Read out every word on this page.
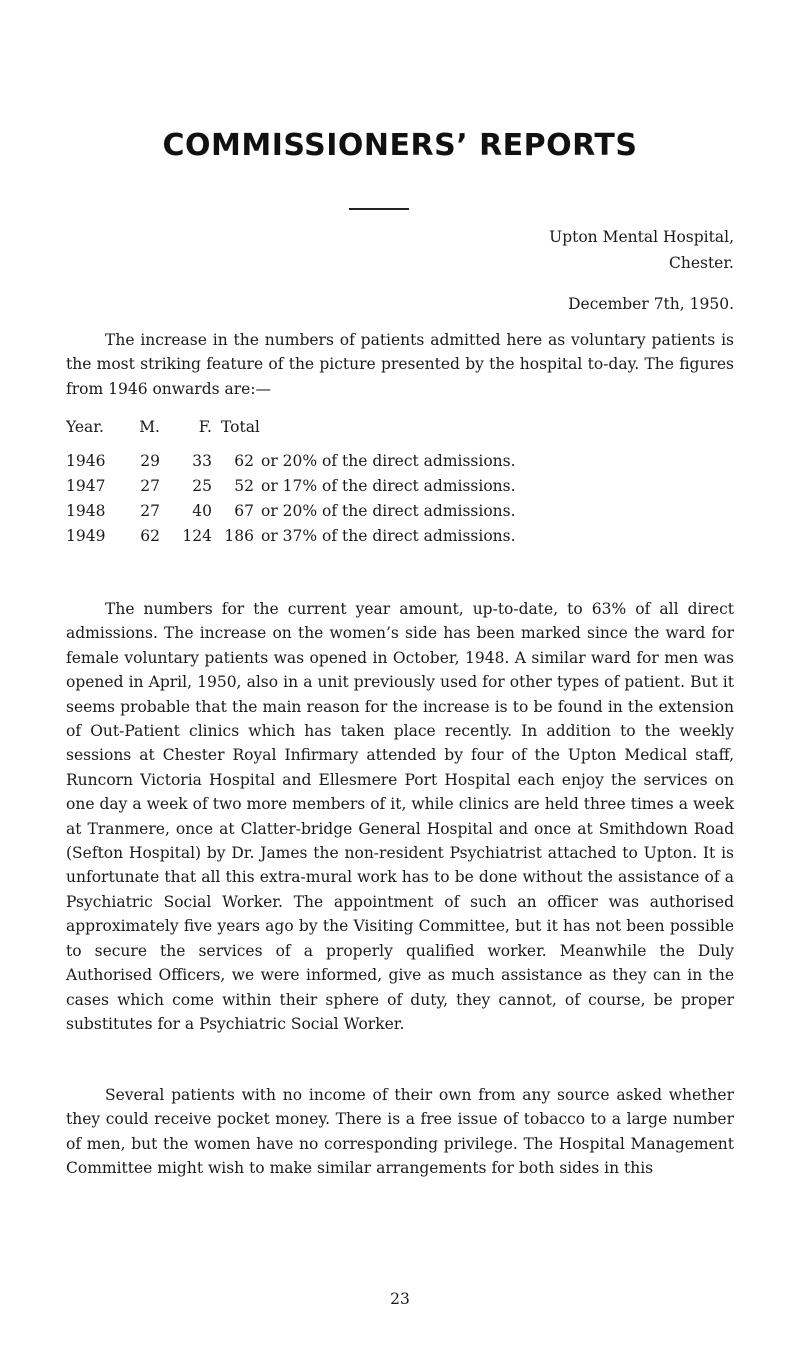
COMMISSIONERS’ REPORTS
Upton Mental Hospital,
Chester.
December 7th, 1950.

The increase in the numbers of patients admitted here as voluntary patients is the most striking feature of the picture presented by the hospital to-day. The figures from 1946 onwards are:—

Year.	M.	F.	Total	
1946	29	33	62	or 20% of the direct admissions.
1947	27	25	52	or 17% of the direct admissions.
1948	27	40	67	or 20% of the direct admissions.
1949	62	124	186	or 37% of the direct admissions.

The numbers for the current year amount, up-to-date, to 63% of all direct admissions. The increase on the women’s side has been marked since the ward for female voluntary patients was opened in October, 1948. A similar ward for men was opened in April, 1950, also in a unit previously used for other types of patient. But it seems probable that the main reason for the increase is to be found in the extension of Out-Patient clinics which has taken place recently. In addition to the weekly sessions at Chester Royal Infirmary attended by four of the Upton Medical staff, Runcorn Victoria Hospital and Ellesmere Port Hospital each enjoy the services on one day a week of two more members of it, while clinics are held three times a week at Tranmere, once at Clatter-bridge General Hospital and once at Smithdown Road (Sefton Hospital) by Dr. James the non-resident Psychiatrist attached to Upton. It is unfortunate that all this extra-mural work has to be done without the assistance of a Psychiatric Social Worker. The appointment of such an officer was authorised approximately five years ago by the Visiting Committee, but it has not been possible to secure the services of a properly qualified worker. Meanwhile the Duly Authorised Officers, we were informed, give as much assistance as they can in the cases which come within their sphere of duty, they cannot, of course, be proper substitutes for a Psychiatric Social Worker.

Several patients with no income of their own from any source asked whether they could receive pocket money. There is a free issue of tobacco to a large number of men, but the women have no corresponding privilege. The Hospital Management Committee might wish to make similar arrangements for both sides in this

23
